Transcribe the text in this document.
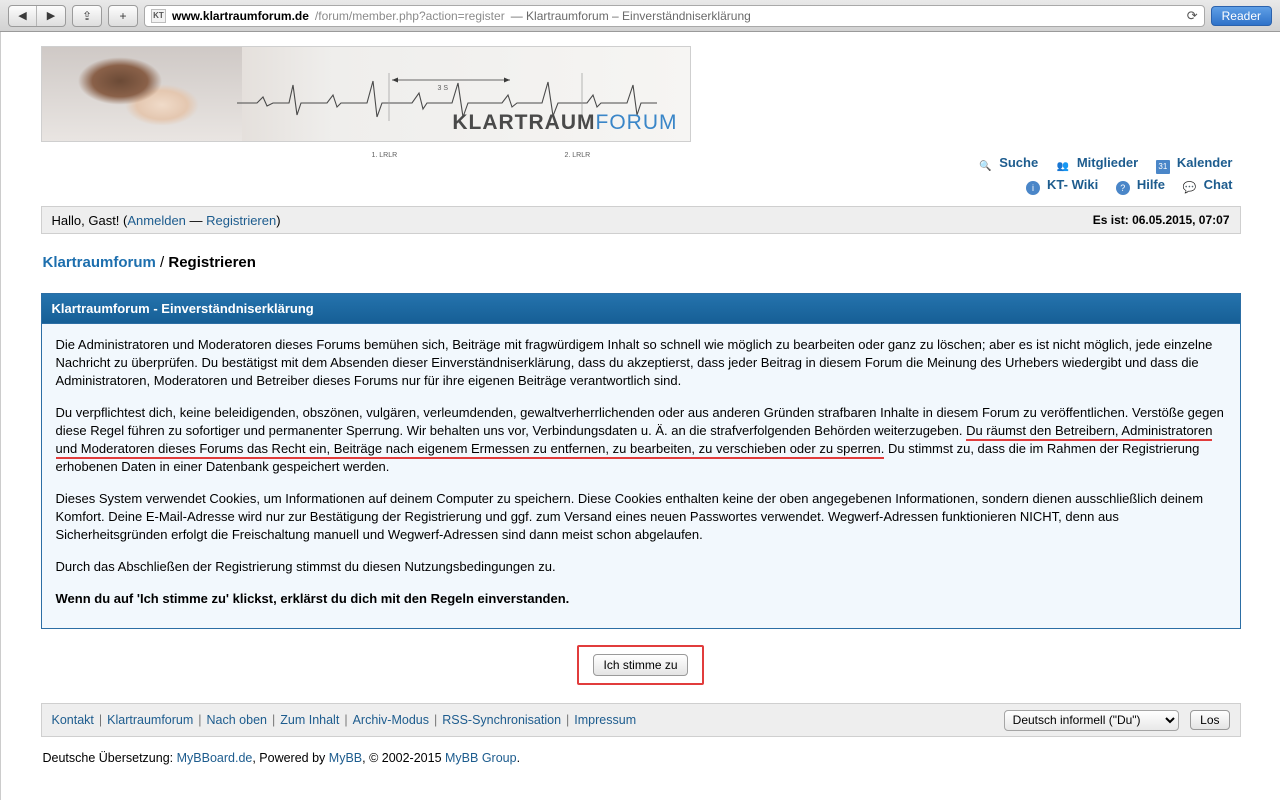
◀	▶	⇪	+	KT www.klartraumforum.de /forum/member.php?action=register — Klartraumforum – Einverständniserklärung	⟳	Reader
3 S
1. LRLR	2. LRLR
KLARTRAUMFORUM
🔍 Suche 👥 Mitglieder	31 Kalender
i KT- Wiki ? Hilfe 💬 Chat
Hallo, Gast! (Anmelden — Registrieren)	Es ist: 06.05.2015, 07:07
Klartraumforum / Registrieren
Klartraumforum - Einverständniserklärung

Die Administratoren und Moderatoren dieses Forums bemühen sich, Beiträge mit fragwürdigem Inhalt so schnell wie möglich zu bearbeiten oder ganz zu löschen; aber es ist nicht möglich, jede einzelne Nachricht zu überprüfen. Du bestätigst mit dem Absenden dieser Einverständniserklärung, dass du akzeptierst, dass jeder Beitrag in diesem Forum die Meinung des Urhebers wiedergibt und dass die Administratoren, Moderatoren und Betreiber dieses Forums nur für ihre eigenen Beiträge verantwortlich sind.

Du verpflichtest dich, keine beleidigenden, obszönen, vulgären, verleumdenden, gewaltverherrlichenden oder aus anderen Gründen strafbaren Inhalte in diesem Forum zu veröffentlichen. Verstöße gegen diese Regel führen zu sofortiger und permanenter Sperrung. Wir behalten uns vor, Verbindungsdaten u. Ä. an die strafverfolgenden Behörden weiterzugeben. Du räumst den Betreibern, Administratoren und Moderatoren dieses Forums das Recht ein, Beiträge nach eigenem Ermessen zu entfernen, zu bearbeiten, zu verschieben oder zu sperren. Du stimmst zu, dass die im Rahmen der Registrierung erhobenen Daten in einer Datenbank gespeichert werden.

Dieses System verwendet Cookies, um Informationen auf deinem Computer zu speichern. Diese Cookies enthalten keine der oben angegebenen Informationen, sondern dienen ausschließlich deinem Komfort. Deine E-Mail-Adresse wird nur zur Bestätigung der Registrierung und ggf. zum Versand eines neuen Passwortes verwendet. Wegwerf-Adressen funktionieren NICHT, denn aus Sicherheitsgründen erfolgt die Freischaltung manuell und Wegwerf-Adressen sind dann meist schon abgelaufen.

Durch das Abschließen der Registrierung stimmst du diesen Nutzungsbedingungen zu.

Wenn du auf 'Ich stimme zu' klickst, erklärst du dich mit den Regeln einverstanden.

Ich stimme zu
Kontakt | Klartraumforum | Nach oben | Zum Inhalt | Archiv-Modus | RSS-Synchronisation | Impressum
Deutsch informell ("Du")	Los
Deutsche Übersetzung: MyBBoard.de, Powered by MyBB, © 2002-2015 MyBB Group.
